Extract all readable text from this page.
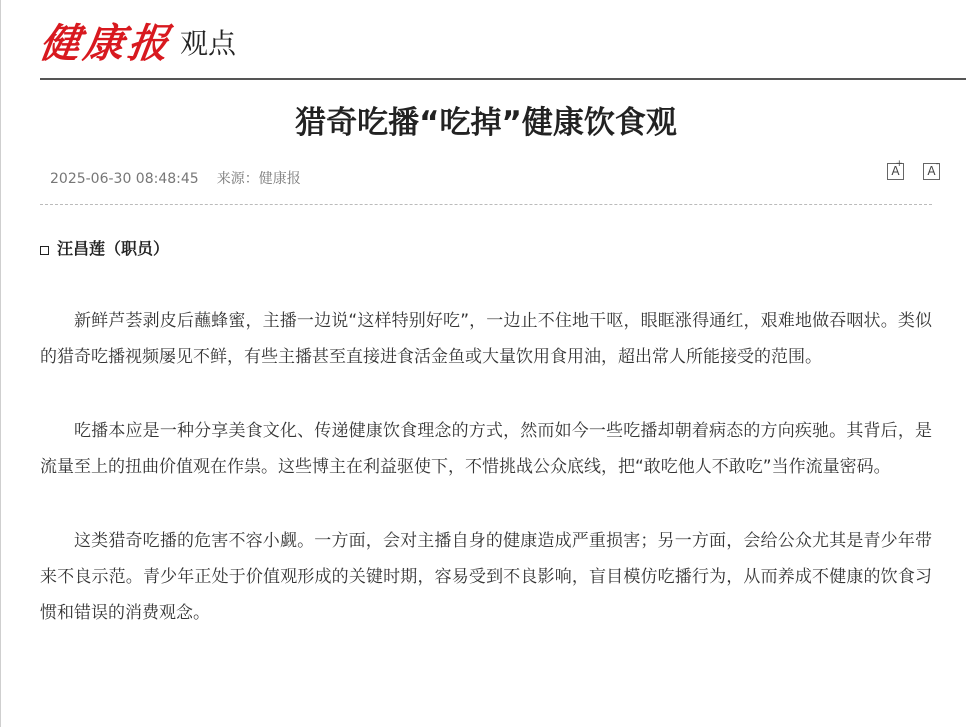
健康报 观点
猎奇吃播“吃掉”健康饮食观
2025-06-30 08:48:45 来源：健康报	A
+	A -
汪昌莲（职员）

新鲜芦荟剥皮后蘸蜂蜜，主播一边说“这样特别好吃”，一边止不住地干呕，眼眶涨得通红，艰难地做吞咽状。类似的猎奇吃播视频屡见不鲜，有些主播甚至直接进食活金鱼或大量饮用食用油，超出常人所能接受的范围。

吃播本应是一种分享美食文化、传递健康饮食理念的方式，然而如今一些吃播却朝着病态的方向疾驰。其背后，是流量至上的扭曲价值观在作祟。这些博主在利益驱使下，不惜挑战公众底线，把“敢吃他人不敢吃”当作流量密码。

这类猎奇吃播的危害不容小觑。一方面，会对主播自身的健康造成严重损害；另一方面，会给公众尤其是青少年带来不良示范。青少年正处于价值观形成的关键时期，容易受到不良影响，盲目模仿吃播行为，从而养成不健康的饮食习惯和错误的消费观念。
